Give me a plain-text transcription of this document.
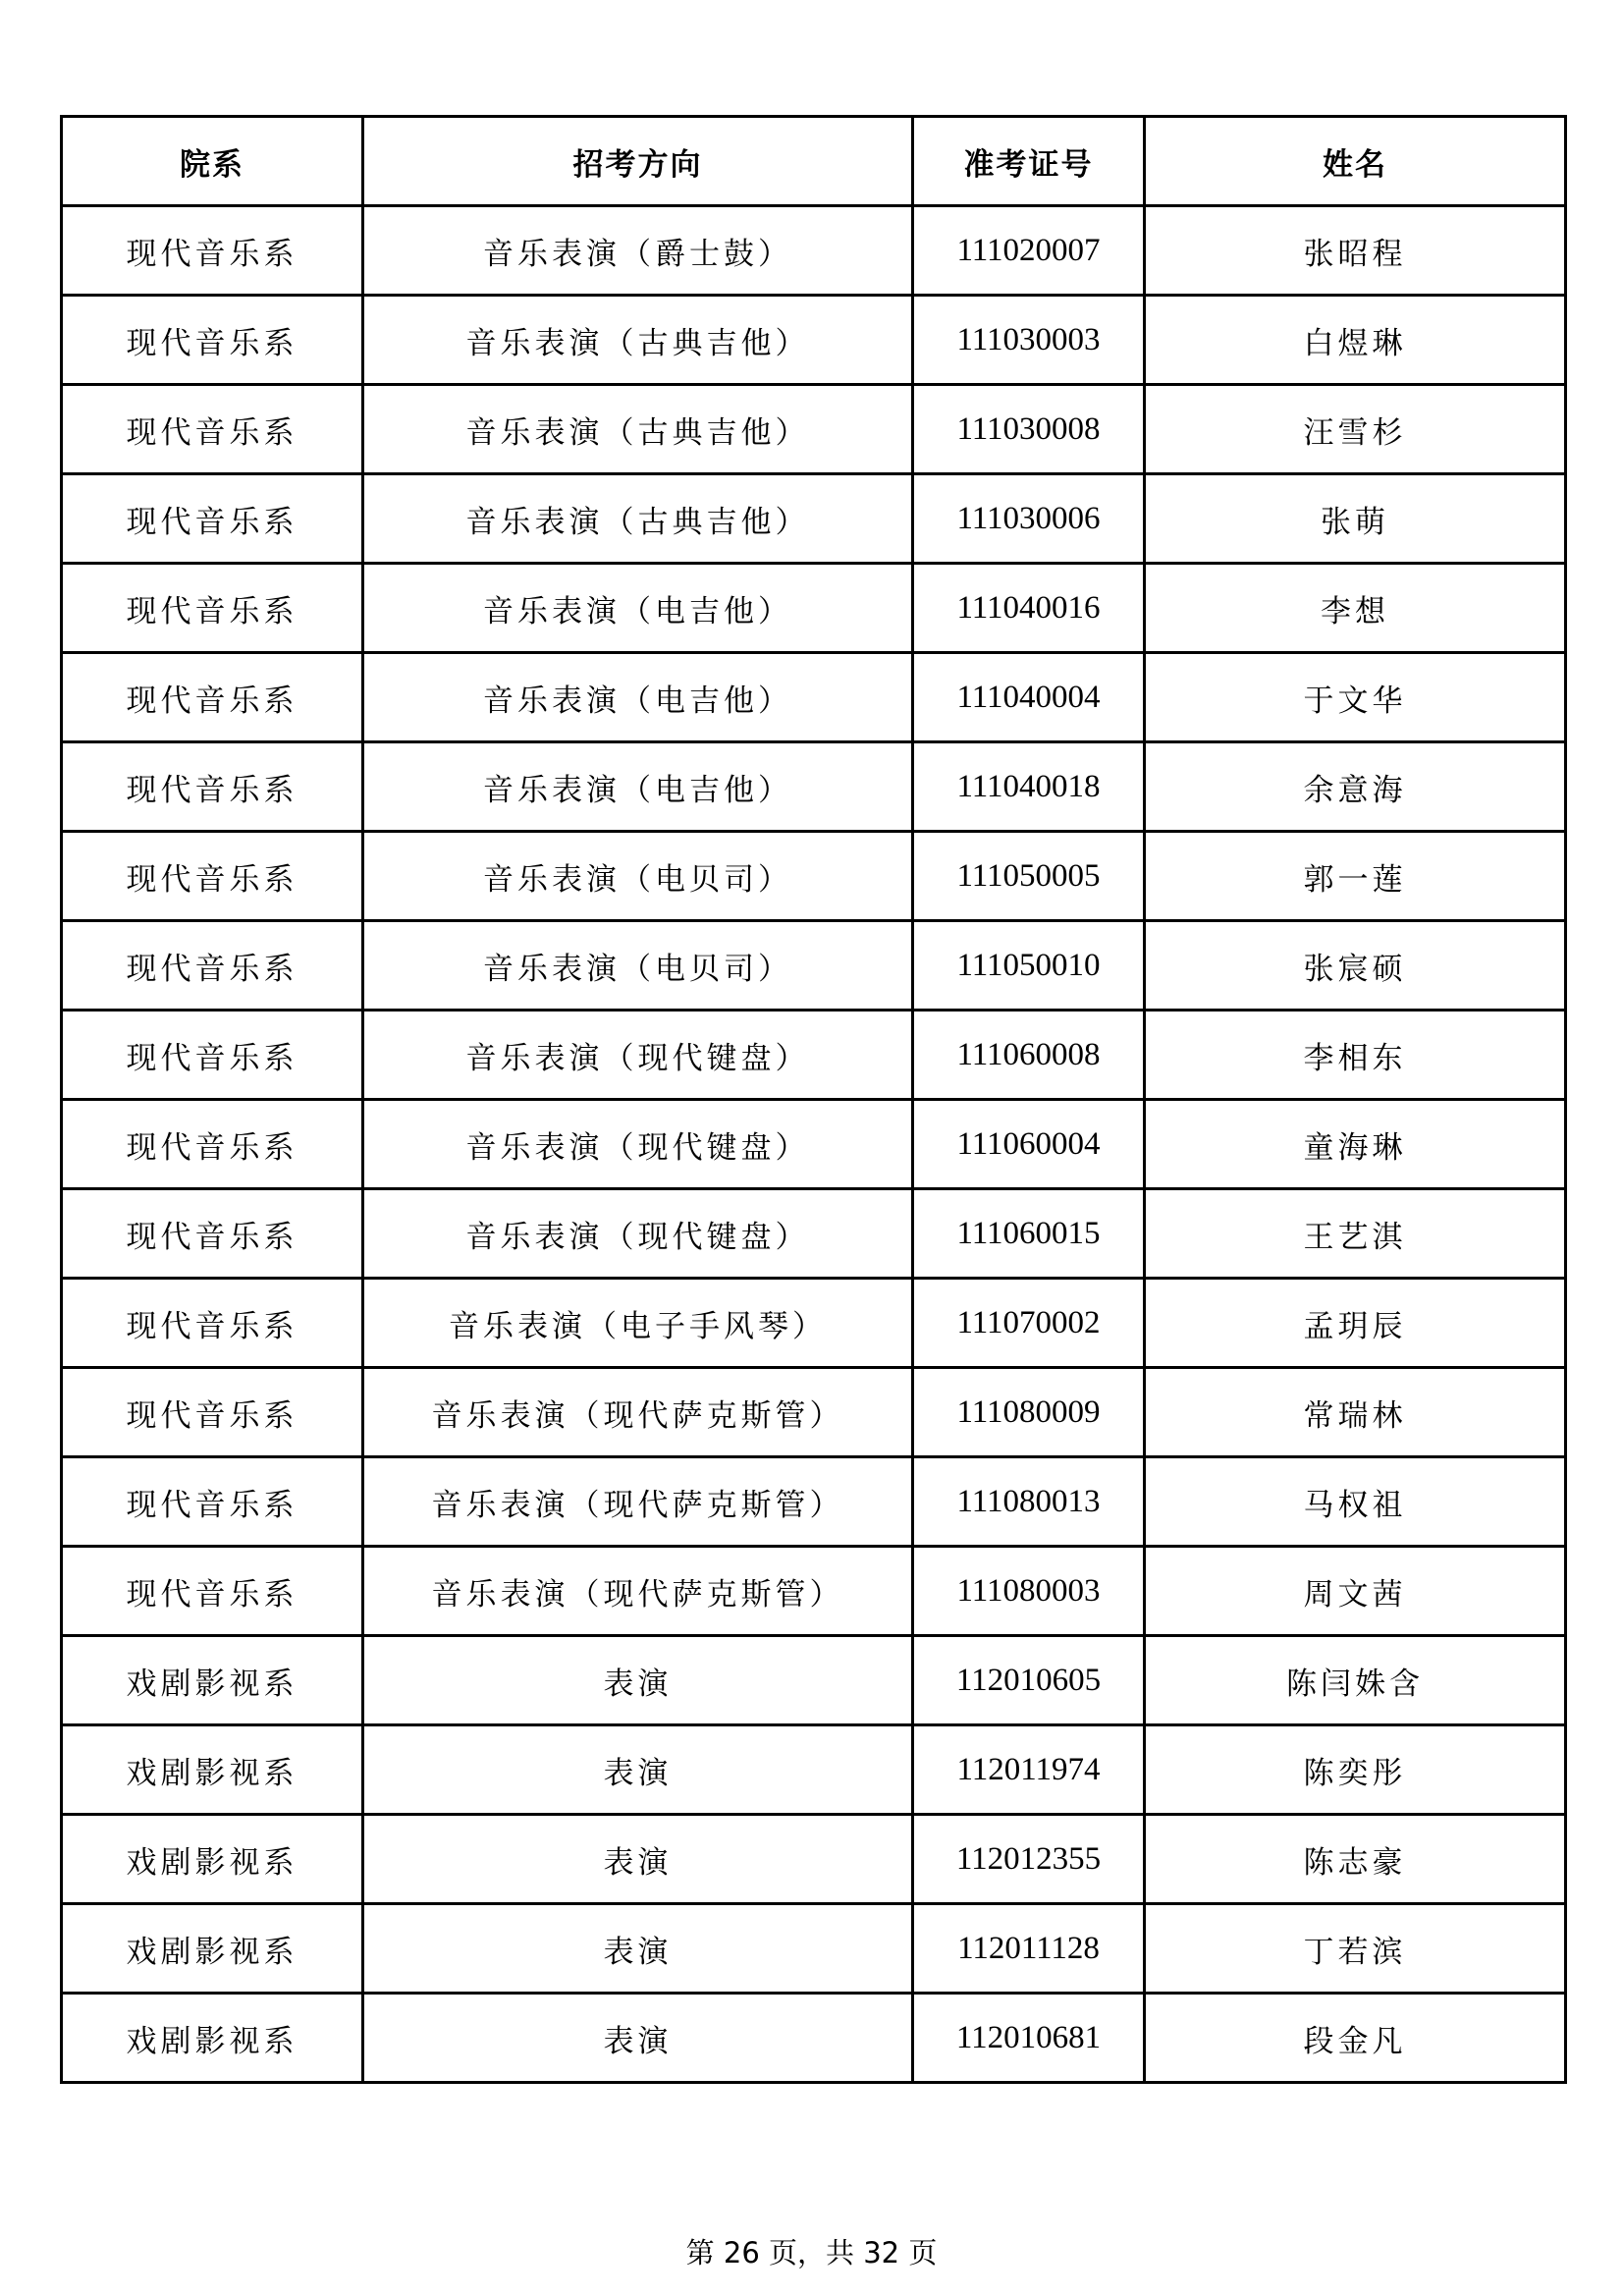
院系	招考方向	准考证号	姓名
现代音乐系	音乐表演（爵士鼓）	111020007	张昭程
现代音乐系	音乐表演（古典吉他）	111030003	白煜琳
现代音乐系	音乐表演（古典吉他）	111030008	汪雪杉
现代音乐系	音乐表演（古典吉他）	111030006	张萌
现代音乐系	音乐表演（电吉他）	111040016	李想
现代音乐系	音乐表演（电吉他）	111040004	于文华
现代音乐系	音乐表演（电吉他）	111040018	余意海
现代音乐系	音乐表演（电贝司）	111050005	郭一莲
现代音乐系	音乐表演（电贝司）	111050010	张宸硕
现代音乐系	音乐表演（现代键盘）	111060008	李相东
现代音乐系	音乐表演（现代键盘）	111060004	童海琳
现代音乐系	音乐表演（现代键盘）	111060015	王艺淇
现代音乐系	音乐表演（电子手风琴）	111070002	孟玥辰
现代音乐系	音乐表演（现代萨克斯管）	111080009	常瑞林
现代音乐系	音乐表演（现代萨克斯管）	111080013	马权祖
现代音乐系	音乐表演（现代萨克斯管）	111080003	周文茜
戏剧影视系	表演	112010605	陈闫姝含
戏剧影视系	表演	112011974	陈奕彤
戏剧影视系	表演	112012355	陈志豪
戏剧影视系	表演	112011128	丁若滨
戏剧影视系	表演	112010681	段金凡
第 26 页，共 32 页
